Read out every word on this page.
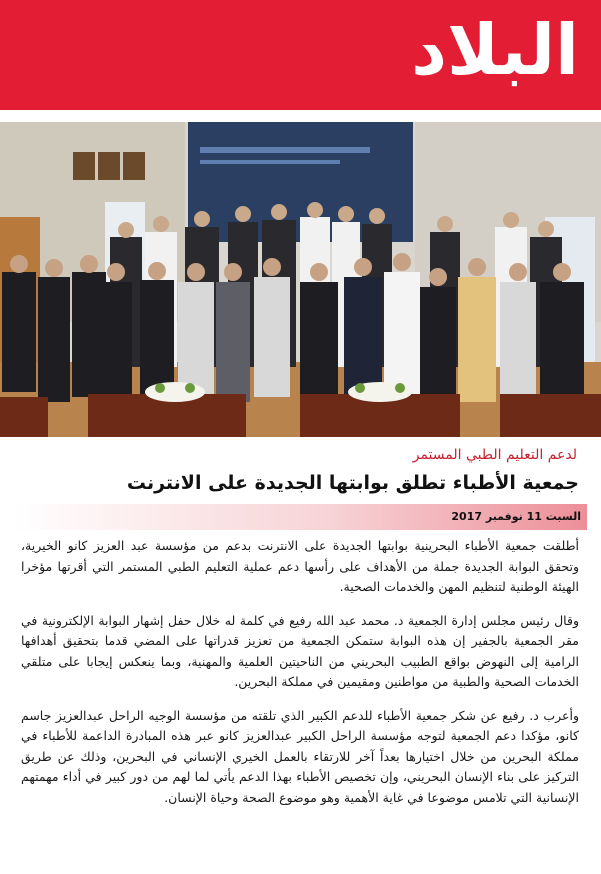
البلاد
لدعم التعليم الطبي المستمر
جمعية الأطباء تطلق بوابتها الجديدة على الانترنت
السبت 11 نوفمبر 2017

أطلقت جمعية الأطباء البحرينية بوابتها الجديدة على الانترنت بدعم من مؤسسة عبد العزيز كانو الخيرية، وتحقق البوابة الجديدة جملة من الأهداف على رأسها دعم عملية التعليم الطبي المستمر التي أقرتها مؤخرا الهيئة الوطنية لتنظيم المهن والخدمات الصحية.

وقال رئيس مجلس إدارة الجمعية د. محمد عبد الله رفيع في كلمة له خلال حفل إشهار البوابة الإلكترونية في مقر الجمعية بالجفير إن هذه البوابة ستمكن الجمعية من تعزيز قدراتها على المضي قدما بتحقيق أهدافها الرامية إلى النهوض بواقع الطبيب البحريني من الناحيتين العلمية والمهنية، وبما ينعكس إيجابا على متلقي الخدمات الصحية والطبية من مواطنين ومقيمين في مملكة البحرين.

وأعرب د. رفيع عن شكر جمعية الأطباء للدعم الكبير الذي تلقته من مؤسسة الوجيه الراحل عبدالعزيز جاسم كانو، مؤكدا دعم الجمعية لتوجه مؤسسة الراحل الكبير عبدالعزيز كانو عبر هذه المبادرة الداعمة للأطباء في مملكة البحرين من خلال اختيارها بعداً آخر للارتقاء بالعمل الخيري الإنساني في البحرين، وذلك عن طريق التركيز على بناء الإنسان البحريني، وإن تخصيص الأطباء بهذا الدعم يأتي لما لهم من دور كبير في أداء مهمتهم الإنسانية التي تلامس موضوعا في غاية الأهمية وهو موضوع الصحة وحياة الإنسان.
